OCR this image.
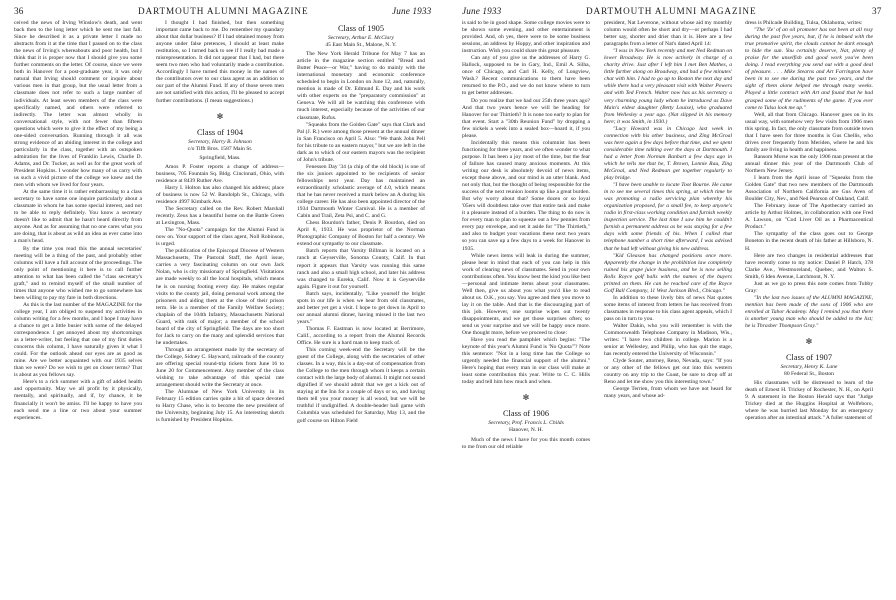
36	DARTMOUTH ALUMNI MAGAZINE	June 1933

ceived the news of Irving Winslow's death, and went back then to the long letter which he sent me last fall. Since he described it as a private letter I made no abstracts from it at the time that I passed on to the class the news of Irving's whereabouts and poor health, but I think that it is proper now that I should give you some further comments on the letter. Of course, since we were both in Hanover for a post-graduate year, it was only natural that Irving should comment or inquire about various men in that group, but the usual letter from a classmate does not refer to such a large number of individuals. At least seven members of the class were specifically named, and others were referred to indirectly. The letter was almost wholly in conversational style, with not fewer than fifteen questions which were to give it the effect of my being a one-sided conversation. Running through it all was strong evidence of an abiding interest in the college and particularly in the class, together with an outspoken admiration for the lives of Franklin Lewis, Charlie D. Adams, and Dr. Tucker, as well as for the great work of President Hopkins. I wonder how many of us carry with us such a vivid picture of the college we knew and the men with whom we lived for four years.

At the same time it is rather embarrassing to a class secretary to have some one inquire particularly about a classmate in whom he has some special interest, and not to be able to reply definitely. You know a secretary doesn't like to admit that he hasn't heard directly from anyone. And as for assuming that no one cares what you are doing, that is about as wild an idea as ever came into a man's head.

By the time you read this the annual secretaries' meeting will be a thing of the past, and probably other columns will have a full account of the proceedings. The only point of mentioning it here is to call further attention to what has been called the "class secretary's graft," and to remind myself of the small number of times that anyone who wished me to go somewhere has been willing to pay my fare in both directions.

As this is the last number of the MAGAZINE for the college year, I am obliged to suspend my activities in column writing for a few months, and I hope I may have a chance to get a little busier with some of the delayed correspondence. I get annoyed about my shortcomings as a letter-writer, but feeling that one of my first duties concerns this column, I have naturally given it what I could. For the outlook ahead our eyes are as good as mine. Are we better acquainted with our 1935 selves than we were? Do we wish to get on closer terms? That is about as you fellows say.

Here's to a rich summer with a gift of added health and opportunity. May we all profit by it physically, mentally, and spiritually, and if, by chance, it be financially it won't be amiss. I'll be happy to have you each send me a line or two about your summer experiences.

I thought I had finished, but then something important came back to me. Do remember my quandary about that dollar business? If I had obtained money from anyone under false pretences, I should at least make restitution, so I turned back to see if I really had made a misrepresentation. It did not appear that I had, but there seem two men who had voluntarily made a contribution. Accordingly I have turned this money in the names of the contributors over to our class agent as an addition to our part of the Alumni Fund. If any of those seven men are not satisfied with this action, I'll be pleased to accept further contributions. (I mean suggestions.)

✻
Class of 1904
Secretary, Harry B. Johnson
c/o Tifft Bros. 1587 Main St.
Springfield, Mass.

Amos P. Foster reports a change of address—business, 705 Fountain Sq. Bldg. Cincinnati, Ohio, with residence at 8439 Ruther Ave.

Harry I. Holton has also changed his address; place of business is now 52 W. Randolph St., Chicago, with residence 4997 Kimbark Ave.

The Secretary called on the Rev. Robert Marshall recently. Zeus has a beautiful home on the Battle Green at Lexington, Mass.

The "No-Quota" campaign for the Alumni Fund is now on. Your support of the class agent, Noll Robinson, is urged.

The publication of the Episcopal Diocese of Western Massachusetts, The Pastoral Staff, the April issue, carries a very fascinating column on our own Jack Nolan, who is city missionary of Springfield. Visitations are made weekly to all the local hospitals, which means he is on nursing footing every day. He makes regular visits to the county jail, doing personal work among the prisoners and aiding them at the close of their prison term. He is a member of the Family Welfare Society; chaplain of the 104th Infantry, Massachusetts National Guard, with rank of major; a member of the school board of the city of Springfield. The days are too short for Jack to carry on the many and splendid services that he undertakes.

Through an arrangement made by the secretary of the College, Sidney C. Hayward, railroads of the country are offering special round-trip tickets from June 16 to June 20 for Commencement. Any member of the class wishing to take advantage of this special rate arrangement should write the Secretary at once.

The Alumnae of New York University in its February 15 edition carries quite a bit of space devoted to Harry Chase, who is to become the new president of the University, beginning July 15. An interesting sketch is furnished by President Hopkins.

Class of 1905
Secretary, Arthur E. McClary
45 East Main St., Malone, N. Y.

The New York Herald Tribune for May 7 has an article in the magazine section entitled "Bread and Butter Peace—or War," having to do mainly with the international monetary and economic conference scheduled to begin in London on June 12, and, naturally, mention is made of Dr. Edmund E. Day and his work with other experts on the "preparatory commission" at Geneva. We will all be watching this conference with much interest, especially because of the activities of our classmate, Rufus.

"Squeaks from the Golden Gate" says that Clark and Pal (J. R.) were among those present at the annual dinner in San Francisco on April 5. Also: "We thank John Pell for his tribute to an eastern mayor," but we are left in the dark as to which of our eastern mayors was the recipient of John's tribute.

Fenessen Day '34 (a chip of the old block) is one of the six juniors appointed to be recipients of senior fellowships next year. Day has maintained an extraordinarily scholastic average of 4.0, which means that he has never received a mark below an A during his college career. He has also been appointed director of the 1934 Dartmouth Winter Carnival. He is a member of Cabin and Trail, Zeta Psi, and C. and G.

Chess Bourdon's father, Denis P. Bourdon, died on April 8, 1933. He was proprietor of the Norman Photographic Company of Boston for half a century. We extend our sympathy to our classmate.

Batch reports that Varsity Billman is located on a ranch at Geyserville, Sonoma County, Calif. In that report it appears that Varsity was running this same ranch and also a small high school, and later his address was changed to Eureka, Calif. Now it is Geyserville again. Figure it out for yourself.

Batch says, incidentally, "Like yourself the bright spots in our life is when we hear from old classmates, and better yet get a visit. I hope to get down in April to our annual alumni dinner, having missed it the last two years."

Thomas F. Eastman is now located at Berrimore, Calif., according to a report from the Alumni Records Office. He sure is a hard man to keep track of.

This coming week-end the Secretary will be the guest of the College, along with the secretaries of other classes. In a way, this is a day-out of compensation from the College to the men through whom it keeps a certain contact with the large body of alumni. It might not sound dignified if we should admit that we get a kick out of staying at the Inn for a couple of days or so, and having them tell you your money is all wood, but we will be truthful if undignified. A double-header ball game with Columbia was scheduled for Saturday, May 13, and the golf course on Hilton Field

June 1933	DARTMOUTH ALUMNI MAGAZINE	37

is said to be in good shape. Some college movies were to be shown some evening, and other entertainment is provided. And, oh yes, there were to be some business sessions, an address by Hoppy, and other inspiration and instruction. Wish you could share this great pleasure.

Can any of you give us the addresses of Harry G. Hallock, supposed to be in Gary, Ind., Emil A. Silha, once of Chicago, and Carl H. Kelly, of Longview, Wash.? Recent communications to them have been returned to the P.O., and we do not know where to turn to get better addresses.

Do you realize that we had our 25th three years ago? And that two years hence we will be heading for Hanover for our Thirtieth? It is none too early to plan for that event. Start a "30th Reunion Fund" by dropping a few nickels a week into a sealed box—hoard it, if you please.

Incidentally this means this columnist has been functioning for three years, and we often wonder to what purpose. It has been a joy most of the time, but the fear of failure has caused many anxious moments. At this writing our desk is absolutely devoid of news items, except those above, and our mind is an utter blank. And not only that, but the thought of being responsible for the success of the next reunion looms up like a great burden. But why worry about that? Some dozen or so loyal '05ers will doubtless take over that entire task and make it a pleasure instead of a burden. The thing to do now is for every man to plan to squeeze out a few pennies from every pay envelope, and set it aside for "The Thirtieth," and also to budget your vacations these next two years so you can save up a few days to a week for Hanover in 1935.

While news items will leak in during the summer, please bear in mind that each of you can help in this work of clearing news of classmates. Send in your own contributions often. You know best the kind you like best—personal and intimate items about your classmates. Well then, give us about you what you'd like to read about us. O.K., you say. You agree and then you move to lay it on the table. And that is the discouraging part of this job. However, one surprise wipes out twenty disappointments, and we get those surprises often; so send us your surprise and we will be happy once more. One thought more, before we proceed to close:

Have you read the pamphlet which begins: "The keynote of this year's Alumni Fund is 'No Quota'"? Note this sentence: "Not in a long time has the College so urgently needed the financial support of the alumni." Here's hoping that every man in our class will make at least some contribution this year. Write to C. C. Hills today and tell him how much and when.

✻
Class of 1906
Secretary, Prof. Francis L. Childs
Hanover, N. H.

Much of the news I have for you this month comes to me from our old reliable

president, Nat Leverone, without whose aid my monthly column would often be short and dry—or perhaps I had better say, shorter and drier than it is. Here are a few paragraphs from a letter of Nat's dated April 14:

"I was in New York recently and met Ned Redman on lower Broadway. He is now actively in charge of a charity drive. Just after I left him I met Ben Mathes, a little further along on Broadway, and had a few minutes' chat with him. I had to go up to Boston the next day and while there had a very pleasant visit with Walter Powers and with Ted French. Walter now has as his secretary a very charming young lady whom he introduced as Dave Main's eldest daughter (Betty Louise), who graduated from Wellesley a year ago. (Nat slipped in his memory here; it was Smith, in 1930.)

"Lucy Howard was in Chicago last week in connection with his other business, and Zing McGroal was here again a few days before that time, and we spent considerable time talking over the days at Dartmouth. I had a letter from Norman Banbart a few days ago in which he tells me that he, T. Brown, Lonnie Rau, Zing McGroal, and Ned Redman get together regularly to play bridge.

"I have been unable to locate Toot Bourne. He came in to see me several times this spring, at which time he was promoting a radio servicing plan whereby his organization proposed, for a small fee, to keep anyone's radio in first-class working condition and furnish weekly inspection service. The last time I saw him he couldn't furnish a permanent address as he was staying for a few days with some friends of his. When I called that telephone number a short time afterward, I was advised that he had left without giving his new address.

"Kid Gleason has changed positions once more. Apparently the change in the prohibition law completely ruined his grape juice business, and he is now selling Rolls Royce golf balls with the names of the buyers printed on them. He can be reached care of the Royce Golf Ball Company, 11 West Jackson Blvd., Chicago."

In addition to these lively bits of news Nat quotes some items of interest from letters he has received from classmates in response to his class agent appeals, which I pass on in turn to you.

Walter Dakin, who you will remember is with the Commonwealth Telephone Company in Madison, Wis., writes: "I have two children in college. Marion is a senior at Wellesley, and Philip, who has quit the stage, has recently entered the University of Wisconsin."

Clyde Souter, attorney, Reno, Nevada, says: "If you or any other of the fellows get out into this western country on any trip to the Coast, be sure to drop off at Reno and let me show you this interesting town."

George Terrien, from whom we have not heard for many years, and whose ad-

dress is Philcade Building, Tulsa, Oklahoma, writes:

"The 'Ze' of an oil promoter has not been at all rosy during the past five years, but, if he is imbued with the true promotive spirit, the clouds cannot be dark enough to hide the sun. You certainly deserve, Nat, plenty of praise for the unselfish and good work you've been doing. I read everything you send out with a good deal of pleasure. . . . Mike Stearns and Art Farrington have been in to see me during the past two years, and the sight of them alone helped me through many weeks. Played a little contract with Art and found that he had grasped some of the rudiments of the game. If you ever come to Tulsa look me up."

Well, all that from Chicago. Hanover goes on in its usual way, with somehow very few visits from 1906 men this spring. In fact, the only classmate from outside town that I have seen for three months is Gus Chellis, who drives over frequently from Meriden, where he and his family are living in health and happiness.

Ransom Morse was the only 1906 man present at the annual dinner this year of the Dartmouth Club of Northern New Jersey.

I learn from the April issue of "Squeaks from the Golden Gate" that two new members of the Dartmouth Association of Northern California are Gus Aven of Boulder City, Nev., and Ned Pearson of Oakland, Calif.

The February issue of The Apothecary carried an article by Arthur Holmes, in collaboration with one Fred A. Lawson, on "Cod Liver Oil as a Pharmaceutical Product."

The sympathy of the class goes out to George Boneton in the recent death of his father at Hillsboro, N. H.

Here are two changes in residential addresses that have recently come to my notice: Daniel P. Hatch, 378 Clarke Ave., Westmoreland, Quebec, and Walton S. Smith, 6 Iden Avenue, Larchmont, N. Y.

Just as we go to press this note comes from Tubby Gray:

"In the last two issues of the ALUMNI MAGAZINE, mention has been made of the sons of 1906 who are enrolled at Tabor Academy. May I remind you that there is another young man who should be added to the list; he is Thrasher Thompson Gray."

✻
Class of 1907
Secretary, Henry K. Lane
80 Federal St., Boston

His classmates will be distressed to learn of the death of Ernest H. Trickey of Rochester, N. H., on April 9. A statement in the Boston Herald says that "Judge Trickey died at the Huggins Hospital at Wolfeboro, where he was hurried last Monday for an emergency operation after an intestinal attack." A fuller statement of
